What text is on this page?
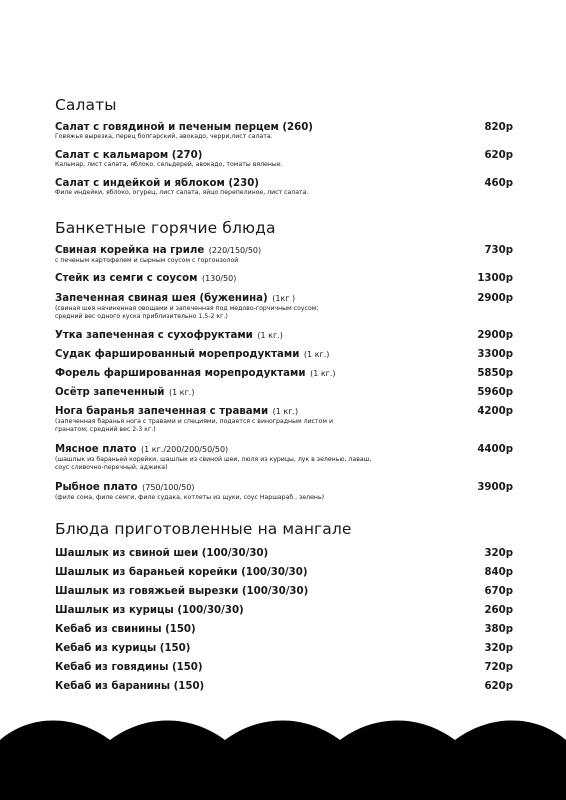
Салаты
Салат с говядиной и печеным перцем (260)	820р
Говяжья вырезка, перец болгарский, авокадо, черри,лист салата.
Салат с кальмаром (270)	620р
Кальмар, лист салата, яблоко, сельдерей, авокадо, томаты вяленые.
Салат с индейкой и яблоком (230)	460р
Филе индейки, яблоко, огурец, лист салата, яйцо перепелиное, лист салата.
Банкетные горячие блюда
Свиная корейка на гриле (220/150/50)	730р
с печеным картофелем и сырным соусом с горгонзолой
Стейк из семги с соусом (130/50)	1300р
Запеченная свиная шея (буженина) (1кг )	2900р
(свиная шея начиненная овощами и запеченная под медово-горчичным соусом;
средний вес одного куска приблизительно 1,5-2 кг.)
Утка запеченная с сухофруктами (1 кг.)	2900р
Судак фаршированный морепродуктами (1 кг.)	3300р
Форель фаршированная морепродуктами (1 кг.)	5850р
Осётр запеченный (1 кг.)	5960р
Нога баранья запеченная с травами (1 кг.)	4200р
(запеченная баранья нога с травами и специями, подается с виноградным листом и
гранатом; средний вес 2-3 кг.)
Мясное плато (1 кг./200/200/50/50)	4400р
(шашлык из бараньей корейки, шашлык из свиной шеи, люля из курицы, лук в зеленью, лаваш,
соус сливочно-перечный, аджика)
Рыбное плато (750/100/50)	3900р
(филе сома, филе семги, филе судака, котлеты из щуки, соус Наршараб , зелень)
Блюда приготовленные на мангале
Шашлык из свиной шеи (100/30/30)	320р
Шашлык из бараньей корейки (100/30/30)	840р
Шашлык из говяжьей вырезки (100/30/30)	670р
Шашлык из курицы (100/30/30)	260р
Кебаб из свинины (150)	380р
Кебаб из курицы (150)	320р
Кебаб из говядины (150)	720р
Кебаб из баранины (150)	620р
